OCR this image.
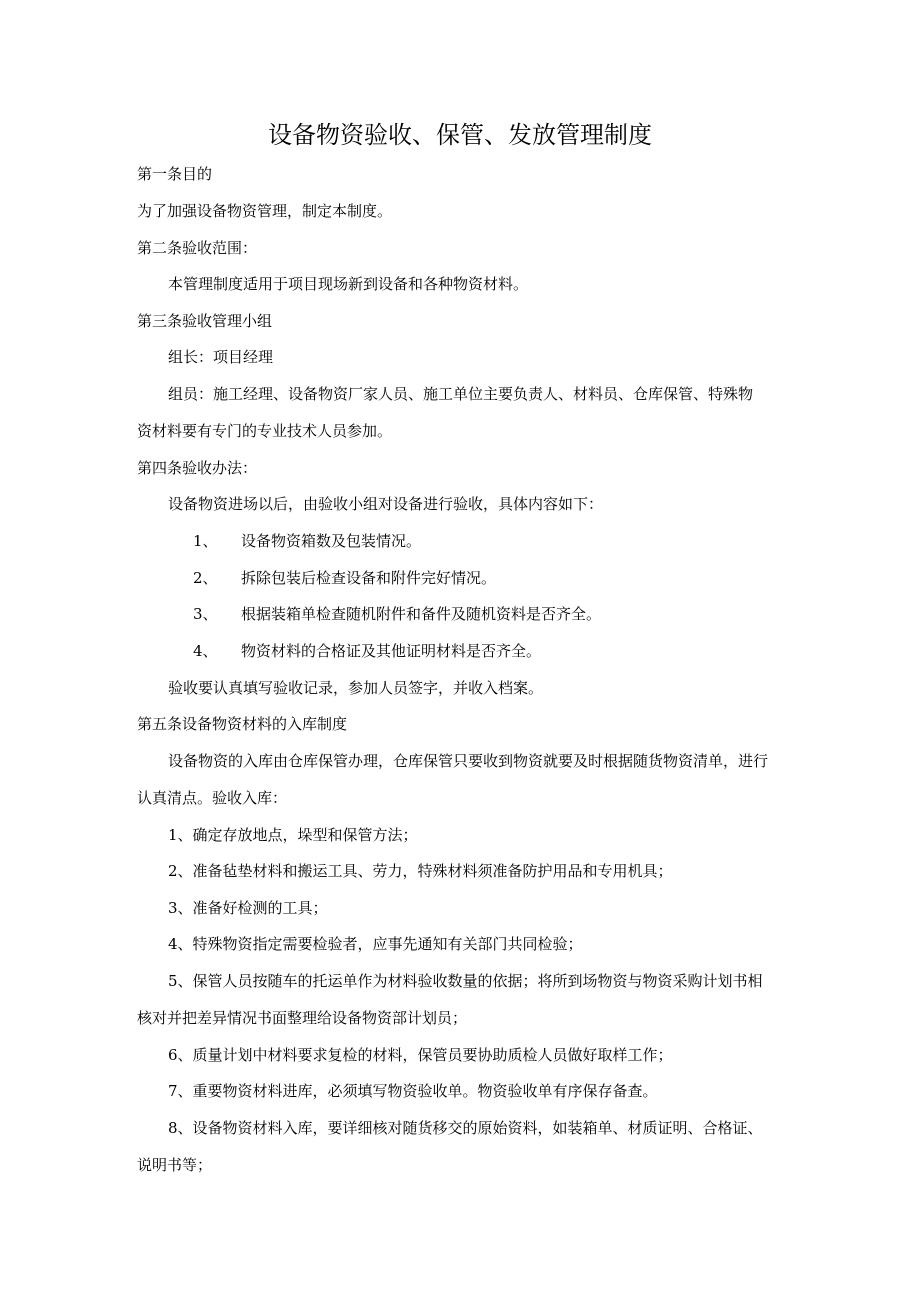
设备物资验收、保管、发放管理制度
第一条目的
为了加强设备物资管理，制定本制度。
第二条验收范围：
本管理制度适用于项目现场新到设备和各种物资材料。
第三条验收管理小组
组长：项目经理
组员：施工经理、设备物资厂家人员、施工单位主要负责人、材料员、仓库保管、特殊物
资材料要有专门的专业技术人员参加。
第四条验收办法：
设备物资进场以后，由验收小组对设备进行验收，具体内容如下：
1、 设备物资箱数及包装情况。
2、 拆除包装后检查设备和附件完好情况。
3、 根据装箱单检查随机附件和备件及随机资料是否齐全。
4、 物资材料的合格证及其他证明材料是否齐全。
验收要认真填写验收记录，参加人员签字，并收入档案。
第五条设备物资材料的入库制度
设备物资的入库由仓库保管办理，仓库保管只要收到物资就要及时根据随货物资清单，进行
认真清点。验收入库：
1、确定存放地点，垛型和保管方法；
2、准备毡垫材料和搬运工具、劳力，特殊材料须准备防护用品和专用机具；
3、准备好检测的工具；
4、特殊物资指定需要检验者，应事先通知有关部门共同检验；
5、保管人员按随车的托运单作为材料验收数量的依据；将所到场物资与物资采购计划书相
核对并把差异情况书面整理给设备物资部计划员；
6、质量计划中材料要求复检的材料，保管员要协助质检人员做好取样工作；
7、重要物资材料进库，必须填写物资验收单。物资验收单有序保存备查。
8、设备物资材料入库，要详细核对随货移交的原始资料，如装箱单、材质证明、合格证、
说明书等；
